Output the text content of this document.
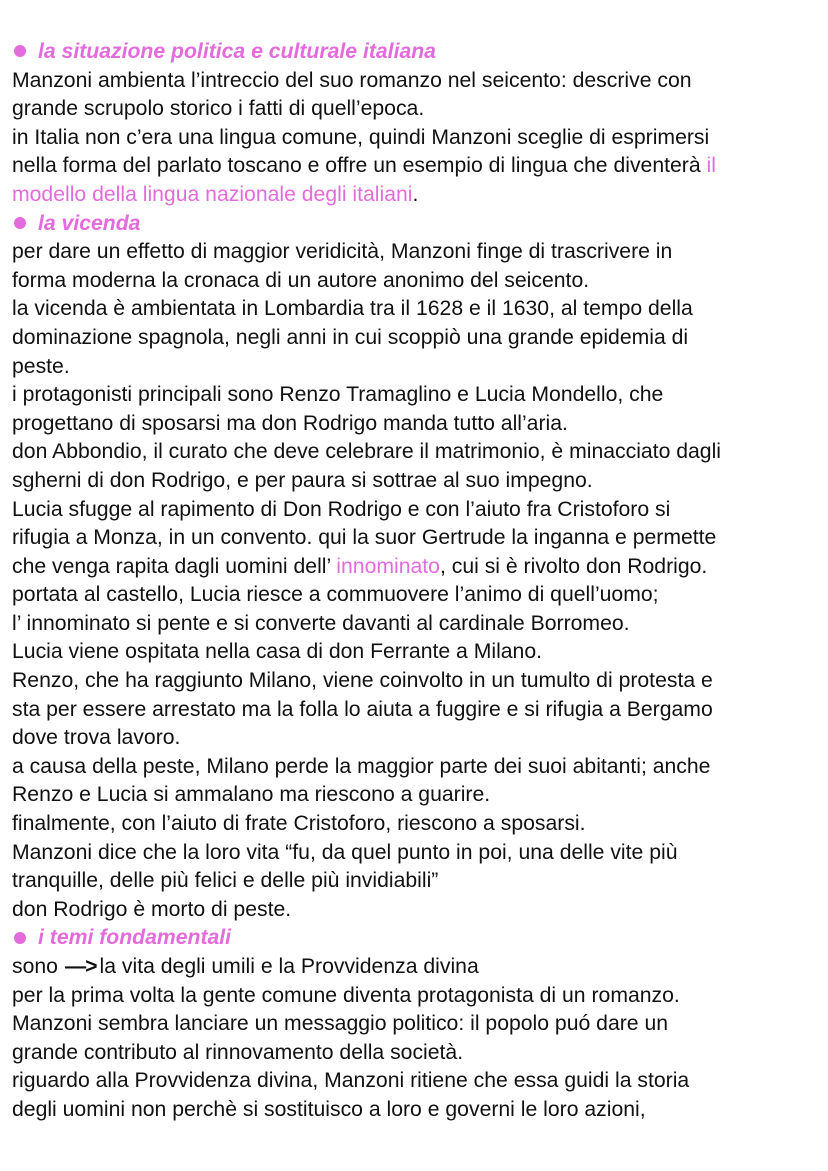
la situazione politica e culturale italiana
Manzoni ambienta l’intreccio del suo romanzo nel seicento: descrive con
grande scrupolo storico i fatti di quell’epoca.
in Italia non c’era una lingua comune, quindi Manzoni sceglie di esprimersi
nella forma del parlato toscano e offre un esempio di lingua che diventerà il
modello della lingua nazionale degli italiani.
la vicenda
per dare un effetto di maggior veridicità, Manzoni finge di trascrivere in
forma moderna la cronaca di un autore anonimo del seicento.
la vicenda è ambientata in Lombardia tra il 1628 e il 1630, al tempo della
dominazione spagnola, negli anni in cui scoppiò una grande epidemia di
peste.
i protagonisti principali sono Renzo Tramaglino e Lucia Mondello, che
progettano di sposarsi ma don Rodrigo manda tutto all’aria.
don Abbondio, il curato che deve celebrare il matrimonio, è minacciato dagli
sgherni di don Rodrigo, e per paura si sottrae al suo impegno.
Lucia sfugge al rapimento di Don Rodrigo e con l’aiuto fra Cristoforo si
rifugia a Monza, in un convento. qui la suor Gertrude la inganna e permette
che venga rapita dagli uomini dell’ innominato, cui si è rivolto don Rodrigo.
portata al castello, Lucia riesce a commuovere l’animo di quell’uomo;
l’ innominato si pente e si converte davanti al cardinale Borromeo.
Lucia viene ospitata nella casa di don Ferrante a Milano.
Renzo, che ha raggiunto Milano, viene coinvolto in un tumulto di protesta e
sta per essere arrestato ma la folla lo aiuta a fuggire e si rifugia a Bergamo
dove trova lavoro.
a causa della peste, Milano perde la maggior parte dei suoi abitanti; anche
Renzo e Lucia si ammalano ma riescono a guarire.
finalmente, con l’aiuto di frate Cristoforo, riescono a sposarsi.
Manzoni dice che la loro vita “fu, da quel punto in poi, una delle vite più
tranquille, delle più felici e delle più invidiabili”
don Rodrigo è morto di peste.
i temi fondamentali
sono —> la vita degli umili e la Provvidenza divina
per la prima volta la gente comune diventa protagonista di un romanzo.
Manzoni sembra lanciare un messaggio politico: il popolo puó dare un
grande contributo al rinnovamento della società.
riguardo alla Provvidenza divina, Manzoni ritiene che essa guidi la storia
degli uomini non perchè si sostituisco a loro e governi le loro azioni,
